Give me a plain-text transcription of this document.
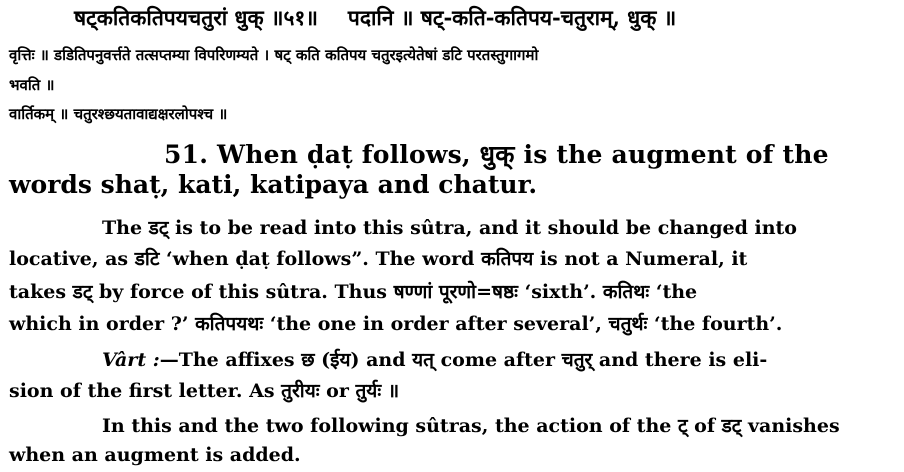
षट्कतिकतिपयचतुरां धुक् ॥५१॥ पदानि ॥ षट्-कति-कतिपय-चतुराम्, धुक् ॥
वृत्तिः ॥ डडितिपनुवर्त्तते तत्सप्तम्या विपरिणम्यते । षट् कति कतिपय चतुरइत्येतेषां डटि परतस्तुगागमो
भवति ॥
वार्तिकम् ॥ चतुरश्छयतावाद्यक्षरलोपश्च ॥
51. When ḍaṭ follows, धुक् is the augment of the
words shaṭ, kati, katipaya and chatur.
The डट् is to be read into this sûtra, and it should be changed into
locative, as डटि ‘when ḍaṭ follows”. The word कतिपय is not a Numeral, it
takes डट् by force of this sûtra. Thus षण्णां पूरणो=षष्ठः ‘sixth’. कतिथः ‘the
which in order ?’ कतिपयथः ‘the one in order after several’, चतुर्थः ‘the fourth’.
Vârt :—The affixes छ (ईय) and यत् come after चतुर् and there is eli-
sion of the first letter. As तुरीयः or तुर्यः ॥
In this and the two following sûtras, the action of the ट् of डट् vanishes
when an augment is added.
